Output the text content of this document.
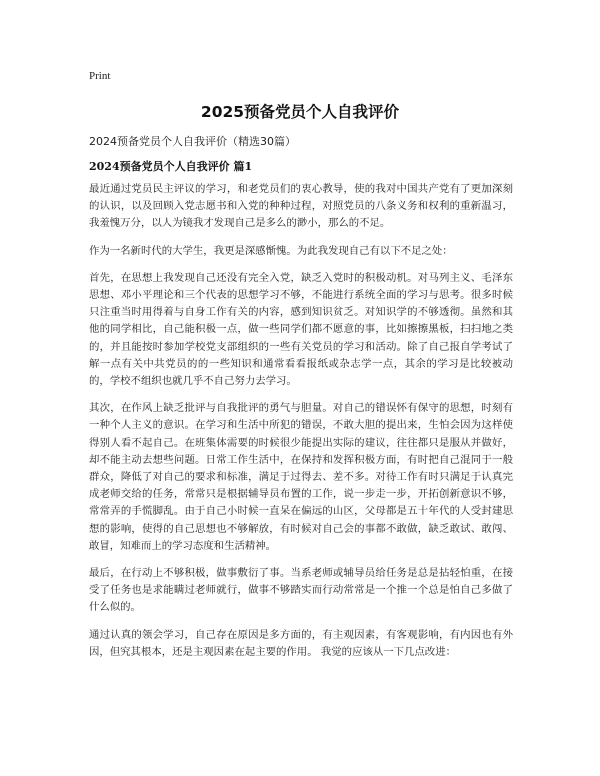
Print
2025预备党员个人自我评价
2024预备党员个人自我评价（精选30篇）
2024预备党员个人自我评价 篇1

最近通过党员民主评议的学习，和老党员们的衷心教导，使的我对中国共产党有了更加深刻的认识，以及回顾入党志愿书和入党的种种过程，对照党员的八条义务和权利的重新温习，我羞愧万分，以人为镜我才发现自己是多么的渺小，那么的不足。

作为一名新时代的大学生，我更是深感惭愧。为此我发现自己有以下不足之处：

首先，在思想上我发现自己还没有完全入党，缺乏入党时的积极动机。对马列主义、毛泽东思想、邓小平理论和三个代表的思想学习不够，不能进行系统全面的学习与思考。很多时候只注重当时用得着与自身工作有关的内容，感到知识贫乏。对知识学的不够透彻。虽然和其他的同学相比，自己能积极一点，做一些同学们都不愿意的事，比如擦擦黑板，扫扫地之类的，并且能按时参加学校党支部组织的一些有关党员的学习和活动。除了自己报自学考试了解一点有关中共党员的的一些知识和通常看看报纸或杂志学一点，其余的学习是比较被动的，学校不组织也就几乎不自己努力去学习。

其次，在作风上缺乏批评与自我批评的勇气与胆量。对自己的错误怀有保守的思想，时刻有一种个人主义的意识。在学习和生活中所犯的错误，不敢大胆的提出来，生怕会因为这样使得别人看不起自己。在班集体需要的时候很少能提出实际的建议，往往都只是服从并做好，却不能主动去想些问题。日常工作生活中，在保持和发挥积极方面，有时把自己混同于一般群众，降低了对自己的要求和标准，满足于过得去、差不多。对待工作有时只满足于认真完成老师交给的任务，常常只是根据辅导员布置的工作，说一步走一步，开拓创新意识不够，常常弄的手慌脚乱。由于自己小时候一直呆在偏远的山区，父母都是五十年代的人受封建思想的影响，使得的自己思想也不够解放，有时候对自己会的事都不敢做，缺乏敢试、敢闯、敢冒，知难而上的学习态度和生活精神。

最后，在行动上不够积极，做事敷衍了事。当系老师或辅导员给任务是总是拈轻怕重，在接受了任务也是求能瞒过老师就行，做事不够踏实而行动常常是一个推一个总是怕自己多做了什么似的。

通过认真的领会学习，自己存在原因是多方面的，有主观因素，有客观影响，有内因也有外因，但究其根本，还是主观因素在起主要的作用。 我觉的应该从一下几点改进：
